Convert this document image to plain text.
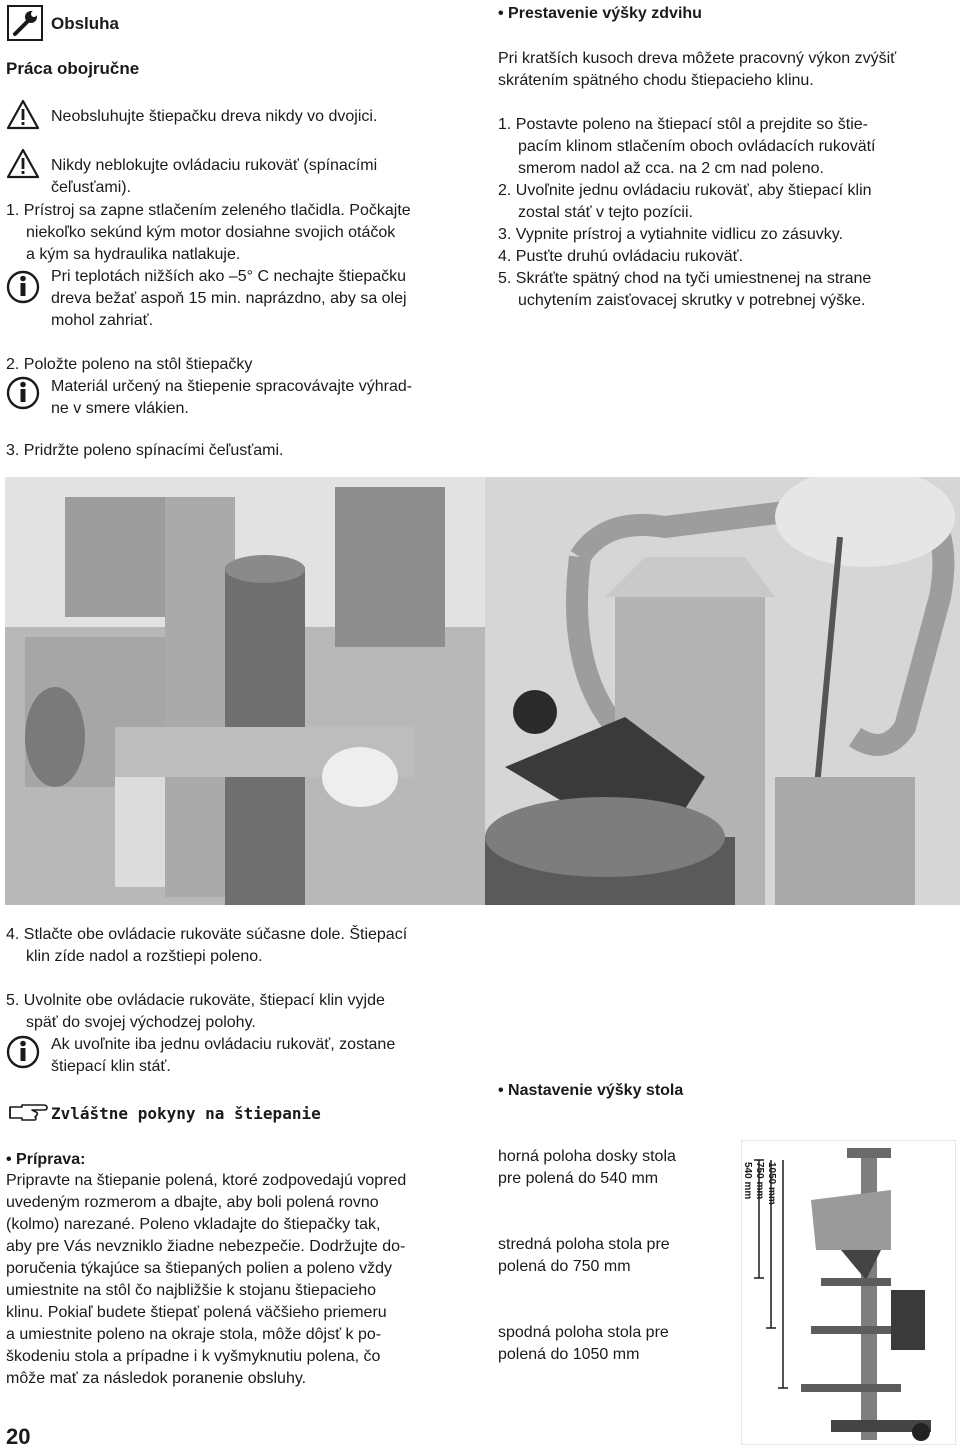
Obsluha
Práca obojručne
Neobsluhujte štiepačku dreva nikdy vo dvojici.
Nikdy neblokujte ovládaciu rukoväť (spínacími
čeľusťami).
1. Prístroj sa zapne stlačením zeleného tlačidla. Počkajte
niekoľko sekúnd kým motor dosiahne svojich otáčok
a kým sa hydraulika natlakuje.
Pri teplotách nižších ako –5° C nechajte štiepačku
dreva bežať aspoň 15 min. naprázdno, aby sa olej
mohol zahriať.
2. Položte poleno na stôl štiepačky
Materiál určený na štiepenie spracovávajte výhrad-
ne v smere vlákien.
3. Pridržte poleno spínacími čeľusťami.
4. Stlačte obe ovládacie rukoväte súčasne dole. Štiepací
klin zíde nadol a rozštiepi poleno.
5. Uvolnite obe ovládacie rukoväte, štiepací klin vyjde
späť do svojej východzej polohy.
Ak uvoľnite iba jednu ovládaciu rukoväť, zostane
štiepací klin stáť.
Zvláštne pokyny na štiepanie
• Príprava:
Pripravte na štiepanie polená, ktoré zodpovedajú vopred
uvedeným rozmerom a dbajte, aby boli polená rovno
(kolmo) narezané. Poleno vkladajte do štiepačky tak,
aby pre Vás nevzniklo žiadne nebezpečie. Dodržujte do-
poručenia týkajúce sa štiepaných polien a poleno vždy
umiestnite na stôl čo najbližšie k stojanu štiepacieho
klinu. Pokiaľ budete štiepať polená väčšieho priemeru
a umiestnite poleno na okraje stola, môže dôjsť k po-
škodeniu stola a prípadne i k vyšmyknutiu polena, čo
môže mať za následok poranenie obsluhy.
20
• Prestavenie výšky zdvihu
Pri kratších kusoch dreva môžete pracovný výkon zvýšiť
skrátením spätného chodu štiepacieho klinu.
1. Postavte poleno na štiepací stôl a prejdite so štie-
pacím klinom stlačením oboch ovládacích rukovätí
smerom nadol až cca. na 2 cm nad poleno.
2. Uvoľnite jednu ovládaciu rukoväť, aby štiepací klin
zostal stáť v tejto pozícii.
3. Vypnite prístroj a vytiahnite vidlicu zo zásuvky.
4. Pusťte druhú ovládaciu rukoväť.
5. Skráťte spätný chod na tyči umiestnenej na strane
uchytením zaisťovacej skrutky v potrebnej výške.
• Nastavenie výšky stola
horná poloha dosky stola
pre polená do 540 mm
stredná poloha stola pre
polená do 750 mm
spodná poloha stola pre
polená do 1050 mm
540 mm 750 mm 1050 mm
